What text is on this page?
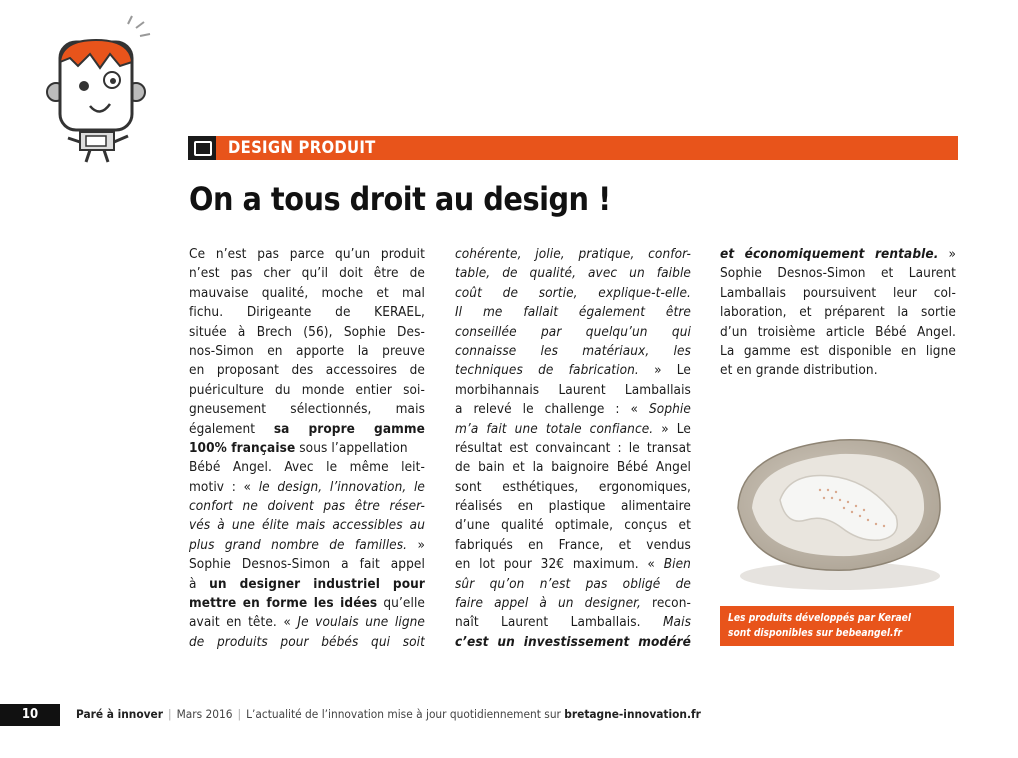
DESIGN PRODUIT
On a tous droit au design !
Ce n’est pas parce qu’un produit
n’est pas cher qu’il doit être de
mauvaise qualité, moche et mal
fichu. Dirigeante de KERAEL,
située à Brech (56), Sophie Des-
nos-Simon en apporte la preuve
en proposant des accessoires de
puériculture du monde entier soi-
gneusement sélectionnés, mais
également sa propre gamme
100% française sous l’appellation
Bébé Angel. Avec le même leit-
motiv : « le design, l’innovation, le
confort ne doivent pas être réser-
vés à une élite mais accessibles au
plus grand nombre de familles. »
Sophie Desnos-Simon a fait appel
à un designer industriel pour
mettre en forme les idées qu’elle
avait en tête. « Je voulais une ligne
de produits pour bébés qui soit
cohérente, jolie, pratique, confor-
table, de qualité, avec un faible
coût de sortie, explique-t-elle.
Il me fallait également être
conseillée par quelqu’un qui
connaisse les matériaux, les
techniques de fabrication. » Le
morbihannais Laurent Lamballais
a relevé le challenge : « Sophie
m’a fait une totale confiance. » Le
résultat est convaincant : le transat
de bain et la baignoire Bébé Angel
sont esthétiques, ergonomiques,
réalisés en plastique alimentaire
d’une qualité optimale, conçus et
fabriqués en France, et vendus
en lot pour 32€ maximum. « Bien
sûr qu’on n’est pas obligé de
faire appel à un designer, recon-
naît Laurent Lamballais. Mais
c’est un investissement modéré
et économiquement rentable. »
Sophie Desnos-Simon et Laurent
Lamballais poursuivent leur col-
laboration, et préparent la sortie
d’un troisième article Bébé Angel.
La gamme est disponible en ligne
et en grande distribution.
Les produits développés par Kerael
sont disponibles sur bebeangel.fr
10	Paré à innover | Mars 2016 | L’actualité de l’innovation mise à jour quotidiennement sur bretagne-innovation.fr
